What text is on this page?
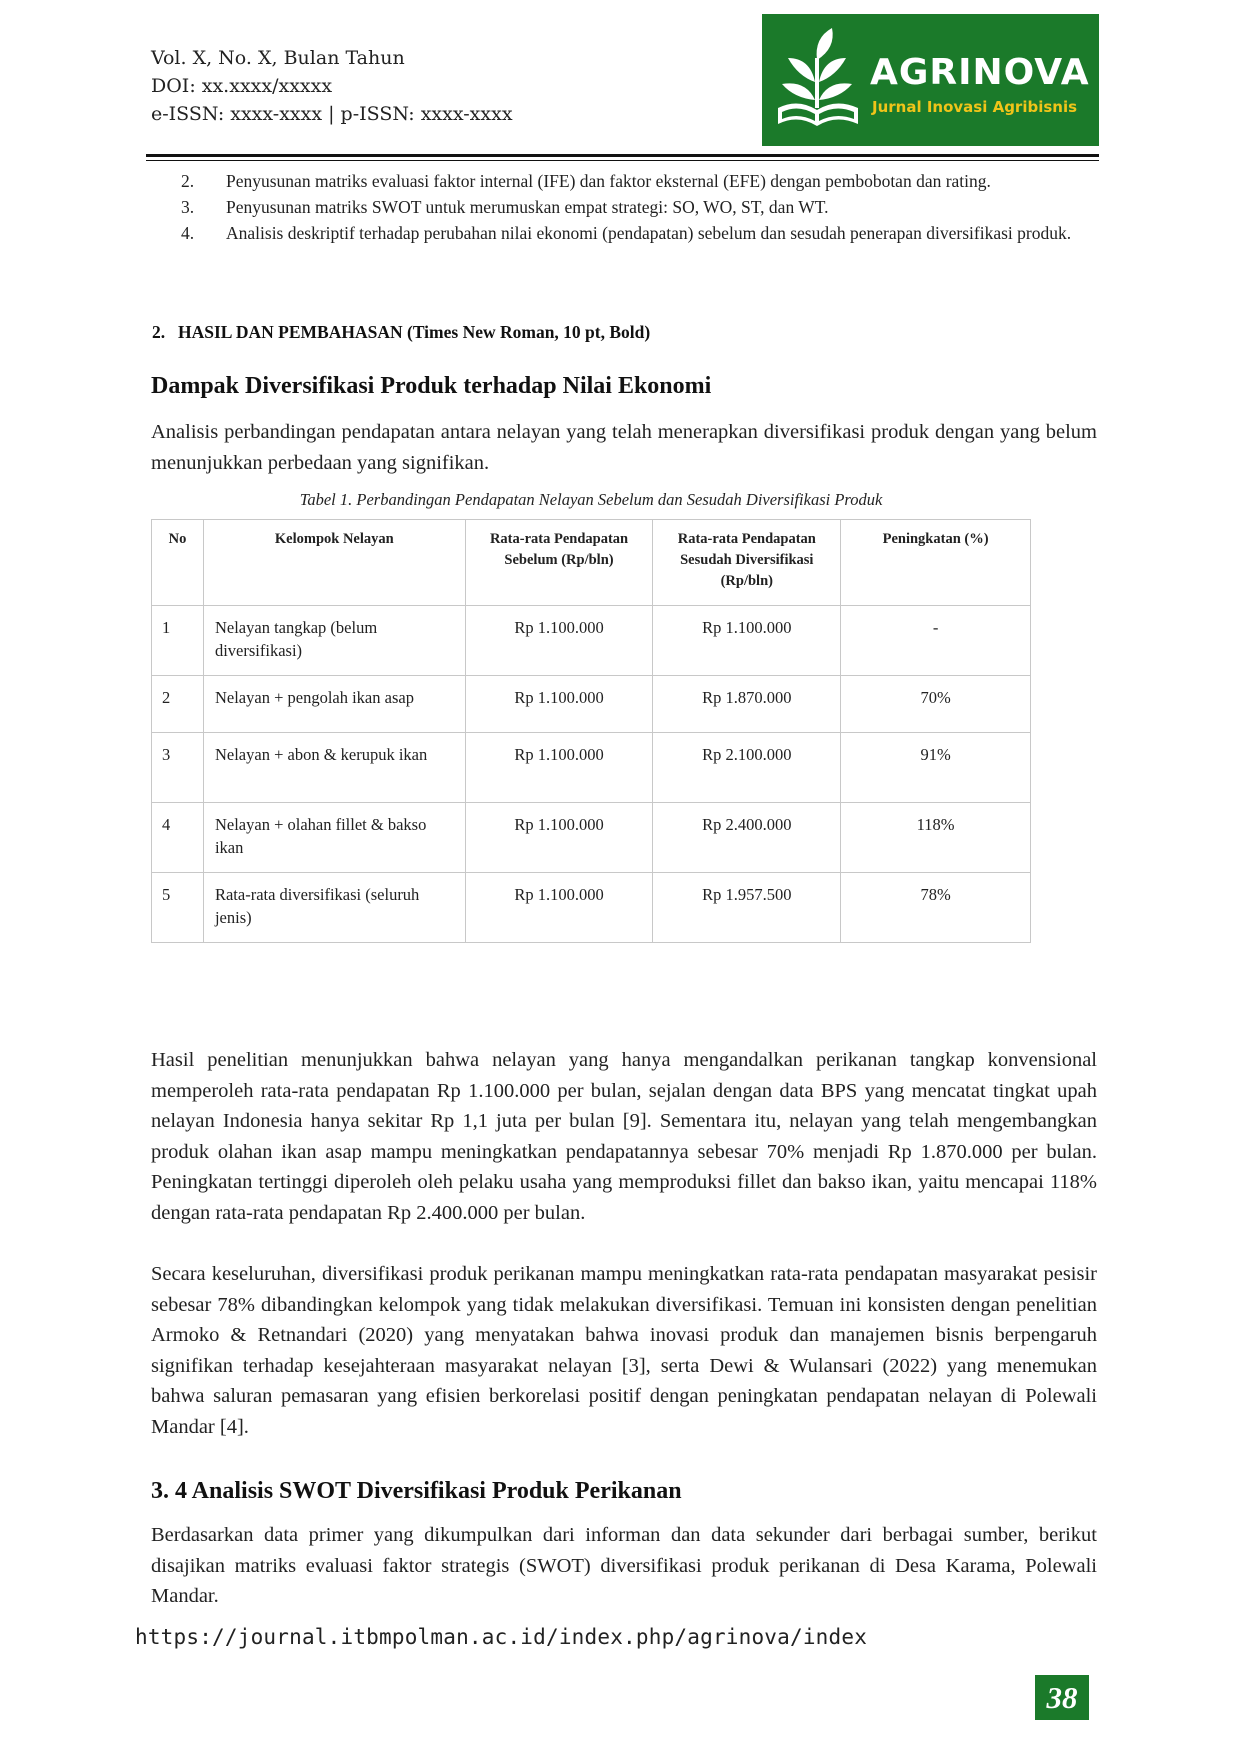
Vol. X, No. X, Bulan Tahun
DOI: xx.xxxx/xxxxx
e-ISSN: xxxx-xxxx | p-ISSN: xxxx-xxxx
AGRINOVA
Jurnal Inovasi Agribisnis
2. Penyusunan matriks evaluasi faktor internal (IFE) dan faktor eksternal (EFE) dengan pembobotan dan rating.
3. Penyusunan matriks SWOT untuk merumuskan empat strategi: SO, WO, ST, dan WT.
4. Analisis deskriptif terhadap perubahan nilai ekonomi (pendapatan) sebelum dan sesudah penerapan diversifikasi produk.
2. HASIL DAN PEMBAHASAN (Times New Roman, 10 pt, Bold)
Dampak Diversifikasi Produk terhadap Nilai Ekonomi
Analisis perbandingan pendapatan antara nelayan yang telah menerapkan diversifikasi produk dengan yang belum menunjukkan perbedaan yang signifikan.
Tabel 1. Perbandingan Pendapatan Nelayan Sebelum dan Sesudah Diversifikasi Produk
No	Kelompok Nelayan	Rata-rata Pendapatan Sebelum (Rp/bln)	Rata-rata Pendapatan Sesudah Diversifikasi (Rp/bln)	Peningkatan (%)
1	Nelayan tangkap (belum diversifikasi)	Rp 1.100.000	Rp 1.100.000	-
2	Nelayan + pengolah ikan asap	Rp 1.100.000	Rp 1.870.000	70%
3	Nelayan + abon & kerupuk ikan	Rp 1.100.000	Rp 2.100.000	91%
4	Nelayan + olahan fillet & bakso ikan	Rp 1.100.000	Rp 2.400.000	118%
5	Rata-rata diversifikasi (seluruh jenis)	Rp 1.100.000	Rp 1.957.500	78%
Hasil penelitian menunjukkan bahwa nelayan yang hanya mengandalkan perikanan tangkap konvensional memperoleh rata-rata pendapatan Rp 1.100.000 per bulan, sejalan dengan data BPS yang mencatat tingkat upah nelayan Indonesia hanya sekitar Rp 1,1 juta per bulan [9]. Sementara itu, nelayan yang telah mengembangkan produk olahan ikan asap mampu meningkatkan pendapatannya sebesar 70% menjadi Rp 1.870.000 per bulan. Peningkatan tertinggi diperoleh oleh pelaku usaha yang memproduksi fillet dan bakso ikan, yaitu mencapai 118% dengan rata-rata pendapatan Rp 2.400.000 per bulan.
Secara keseluruhan, diversifikasi produk perikanan mampu meningkatkan rata-rata pendapatan masyarakat pesisir sebesar 78% dibandingkan kelompok yang tidak melakukan diversifikasi. Temuan ini konsisten dengan penelitian Armoko & Retnandari (2020) yang menyatakan bahwa inovasi produk dan manajemen bisnis berpengaruh signifikan terhadap kesejahteraan masyarakat nelayan [3], serta Dewi & Wulansari (2022) yang menemukan bahwa saluran pemasaran yang efisien berkorelasi positif dengan peningkatan pendapatan nelayan di Polewali Mandar [4].
3. 4 Analisis SWOT Diversifikasi Produk Perikanan
Berdasarkan data primer yang dikumpulkan dari informan dan data sekunder dari berbagai sumber, berikut disajikan matriks evaluasi faktor strategis (SWOT) diversifikasi produk perikanan di Desa Karama, Polewali Mandar.
https://journal.itbmpolman.ac.id/index.php/agrinova/index
38
